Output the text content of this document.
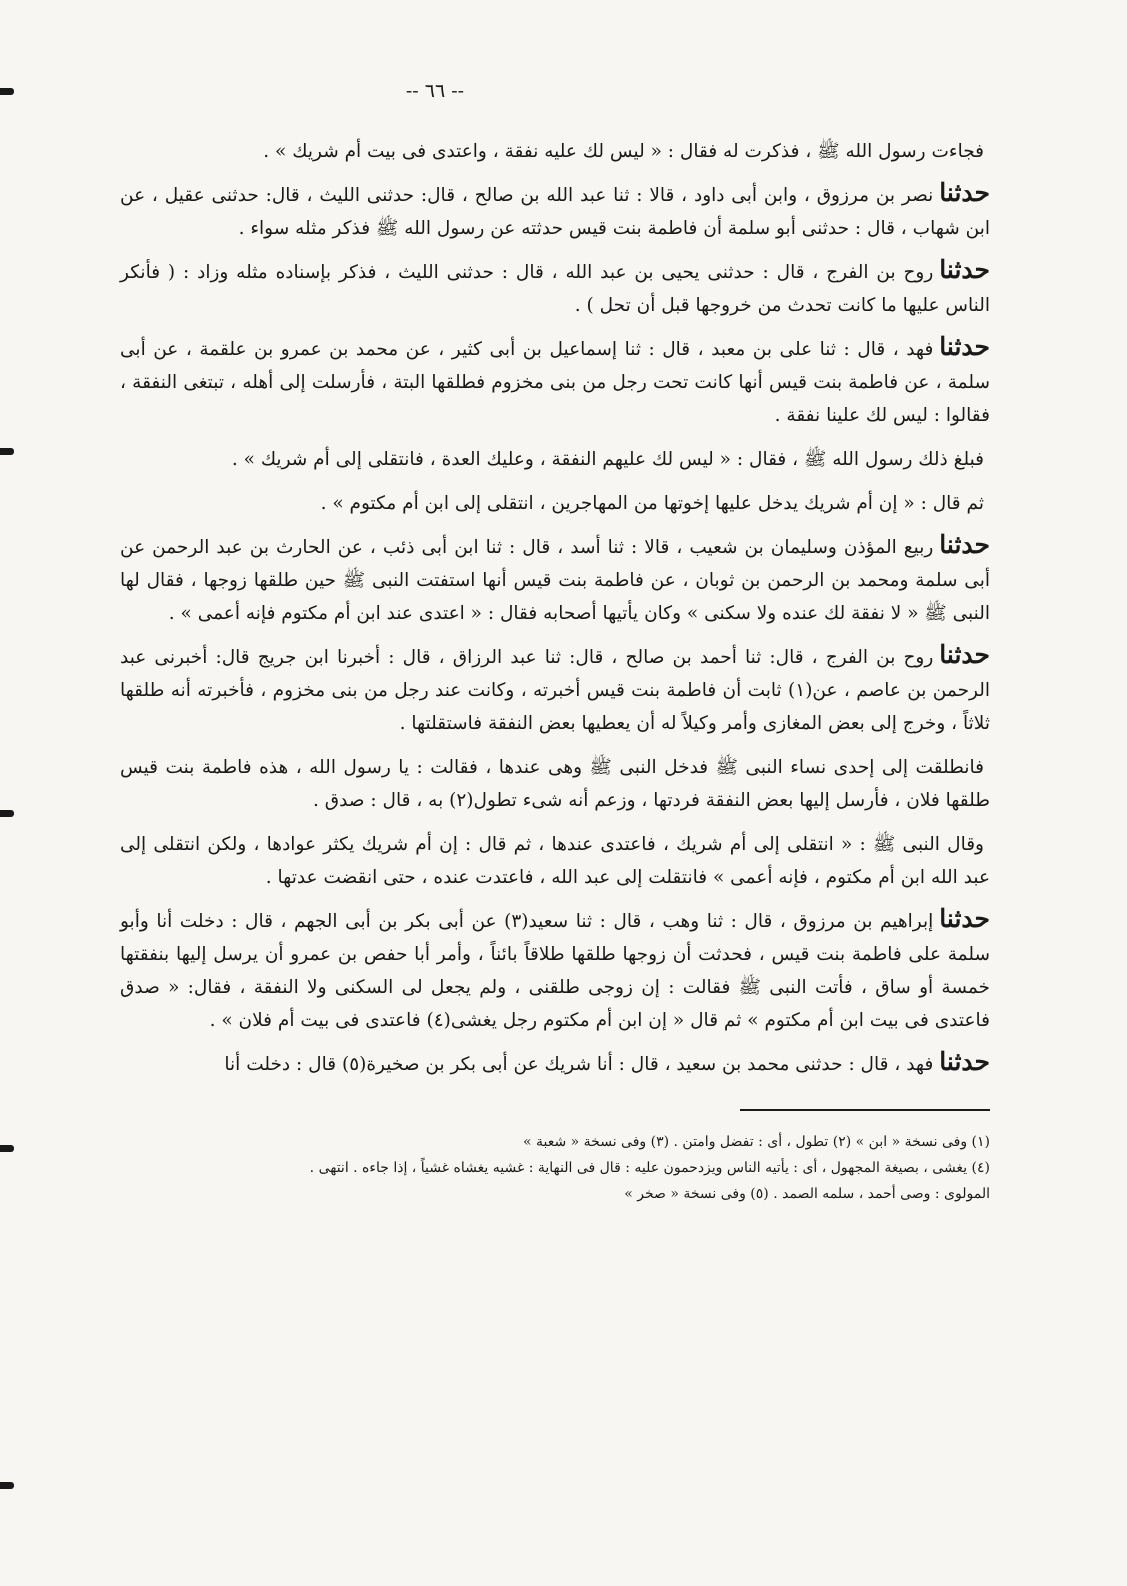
-- ٦٦ --

فجاءت رسول الله ﷺ ، فذكرت له فقال : « ليس لك عليه نفقة ، واعتدى فى بيت أم شريك » .

حدثنانصر بن مرزوق ، وابن أبى داود ، قالا : ثنا عبد الله بن صالح ، قال: حدثنى الليث ، قال: حدثنى عقيل ، عن ابن شهاب ، قال : حدثنى أبو سلمة أن فاطمة بنت قيس حدثته عن رسول الله ﷺ فذكر مثله سواء .

حدثناروح بن الفرج ، قال : حدثنى يحيى بن عبد الله ، قال : حدثنى الليث ، فذكر بإسناده مثله وزاد : ( فأنكر الناس عليها ما كانت تحدث من خروجها قبل أن تحل ) .

حدثنافهد ، قال : ثنا على بن معبد ، قال : ثنا إسماعيل بن أبى كثير ، عن محمد بن عمرو بن علقمة ، عن أبى سلمة ، عن فاطمة بنت قيس أنها كانت تحت رجل من بنى مخزوم فطلقها البتة ، فأرسلت إلى أهله ، تبتغى النفقة ، فقالوا : ليس لك علينا نفقة .

فبلغ ذلك رسول الله ﷺ ، فقال : « ليس لك عليهم النفقة ، وعليك العدة ، فانتقلى إلى أم شريك » .

ثم قال : « إن أم شريك يدخل عليها إخوتها من المهاجرين ، انتقلى إلى ابن أم مكتوم » .

حدثناربيع المؤذن وسليمان بن شعيب ، قالا : ثنا أسد ، قال : ثنا ابن أبى ذئب ، عن الحارث بن عبد الرحمن عن أبى سلمة ومحمد بن الرحمن بن ثوبان ، عن فاطمة بنت قيس أنها استفتت النبى ﷺ حين طلقها زوجها ، فقال لها النبى ﷺ « لا نفقة لك عنده ولا سكنى » وكان يأتيها أصحابه فقال : « اعتدى عند ابن أم مكتوم فإنه أعمى » .

حدثناروح بن الفرج ، قال: ثنا أحمد بن صالح ، قال: ثنا عبد الرزاق ، قال : أخبرنا ابن جريج قال: أخبرنى عبد الرحمن بن عاصم ، عن(١) ثابت أن فاطمة بنت قيس أخبرته ، وكانت عند رجل من بنى مخزوم ، فأخبرته أنه طلقها ثلاثاً ، وخرج إلى بعض المغازى وأمر وكيلاً له أن يعطيها بعض النفقة فاستقلتها .

فانطلقت إلى إحدى نساء النبى ﷺ فدخل النبى ﷺ وهى عندها ، فقالت : يا رسول الله ، هذه فاطمة بنت قيس طلقها فلان ، فأرسل إليها بعض النفقة فردتها ، وزعم أنه شىء تطول(٢) به ، قال : صدق .

وقال النبى ﷺ : « انتقلى إلى أم شريك ، فاعتدى عندها ، ثم قال : إن أم شريك يكثر عوادها ، ولكن انتقلى إلى عبد الله ابن أم مكتوم ، فإنه أعمى » فانتقلت إلى عبد الله ، فاعتدت عنده ، حتى انقضت عدتها .

حدثناإبراهيم بن مرزوق ، قال : ثنا وهب ، قال : ثنا سعيد(٣) عن أبى بكر بن أبى الجهم ، قال : دخلت أنا وأبو سلمة على فاطمة بنت قيس ، فحدثت أن زوجها طلقها طلاقاً بائناً ، وأمر أبا حفص بن عمرو أن يرسل إليها بنفقتها خمسة أو ساق ، فأتت النبى ﷺ فقالت : إن زوجى طلقنى ، ولم يجعل لى السكنى ولا النفقة ، فقال: « صدق فاعتدى فى بيت ابن أم مكتوم » ثم قال « إن ابن أم مكتوم رجل يغشى(٤) فاعتدى فى بيت أم فلان » .

حدثنافهد ، قال : حدثنى محمد بن سعيد ، قال : أنا شريك عن أبى بكر بن صخيرة(٥) قال : دخلت أنا

(١) وفى نسخة « ابن » (٢) تطول ، أى : تفضل وامتن . (٣) وفى نسخة « شعبة »
(٤) يغشى ، بصيغة المجهول ، أى : يأتيه الناس ويزدحمون عليه : قال فى النهاية : غشيه يغشاه غشياً ، إذا جاءه . انتهى .
المولوى : وصى أحمد ، سلمه الصمد . (٥) وفى نسخة « صخر »
